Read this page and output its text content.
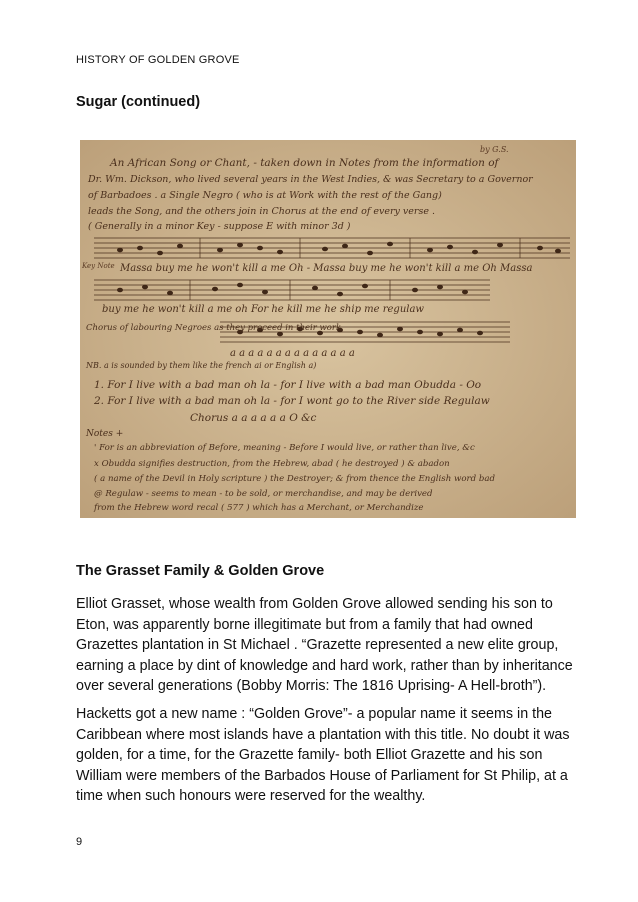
HISTORY OF GOLDEN GROVE
Sugar (continued)
An African Song or Chant, - taken down in Notes from the information of
Dr. Wm. Dickson, who lived several years in the West Indies, & was Secretary to a Governor
of Barbadoes . a Single Negro ( who is at Work with the rest of the Gang)
leads the Song, and the others join in Chorus at the end of every verse .
( Generally in a minor Key - suppose E with minor 3d )
by G.S.
Key Note Massa buy me he won't kill a me Oh - Massa buy me he won't kill a me Oh Massa
buy me he won't kill a me oh For he kill me he ship me regulaw
Chorus of labouring Negroes as they proceed in their work
a a a a a a a a a a a a a a
NB. a is sounded by them like the french ai or English a)
1. For I live with a bad man oh la - for I live with a bad man Obudda - Oo
2. For I live with a bad man oh la - for I wont go to the River side Regulaw
Chorus a a a a a a O &c
Notes +
' For is an abbreviation of Before, meaning - Before I would live, or rather than live, &c
x Obudda signifies destruction, from the Hebrew, abad ( he destroyed ) & abadon
( a name of the Devil in Holy scripture ) the Destroyer; & from thence the English word bad
@ Regulaw - seems to mean - to be sold, or merchandise, and may be derived
from the Hebrew word recal ( 577 ) which has a Merchant, or Merchandize
The Grasset Family & Golden Grove

Elliot Grasset, whose wealth from Golden Grove allowed sending his son to
Eton, was apparently borne illegitimate but from a family that had owned
Grazettes plantation in St Michael . “Grazette represented a new elite group,
earning a place by dint of knowledge and hard work, rather than by inheritance
over several generations (Bobby Morris: The 1816 Uprising- A Hell-broth”).

Hacketts got a new name : “Golden Grove”- a popular name it seems in the
Caribbean where most islands have a plantation with this title. No doubt it was
golden, for a time, for the Grazette family- both Elliot Grazette and his son
William were members of the Barbados House of Parliament for St Philip, at a
time when such honours were reserved for the wealthy.

9
